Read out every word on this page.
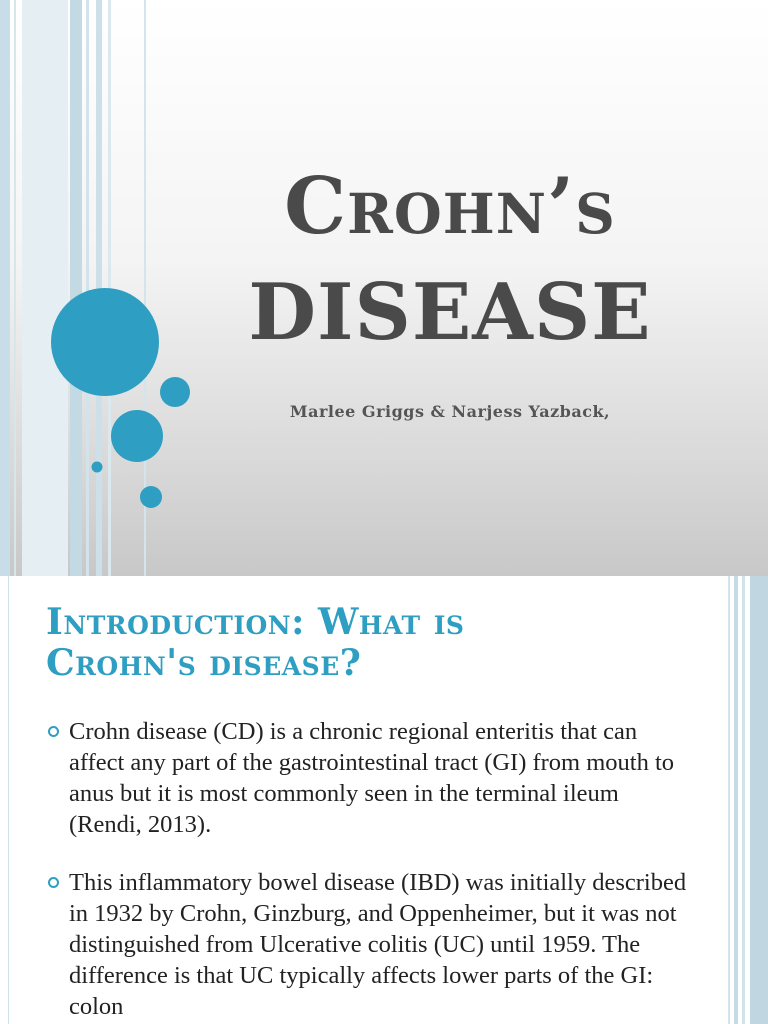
Crohn’s
DISEASE
Marlee Griggs & Narjess Yazback,
Introduction: What is
Crohn's disease?
Crohn disease (CD) is a chronic regional enteritis that can affect any part of the gastrointestinal tract (GI) from mouth to anus but it is most commonly seen in the terminal ileum (Rendi, 2013).
This inflammatory bowel disease (IBD) was initially described in 1932 by Crohn, Ginzburg, and Oppenheimer, but it was not distinguished from Ulcerative colitis (UC) until 1959. The difference is that UC typically affects lower parts of the GI: colon
